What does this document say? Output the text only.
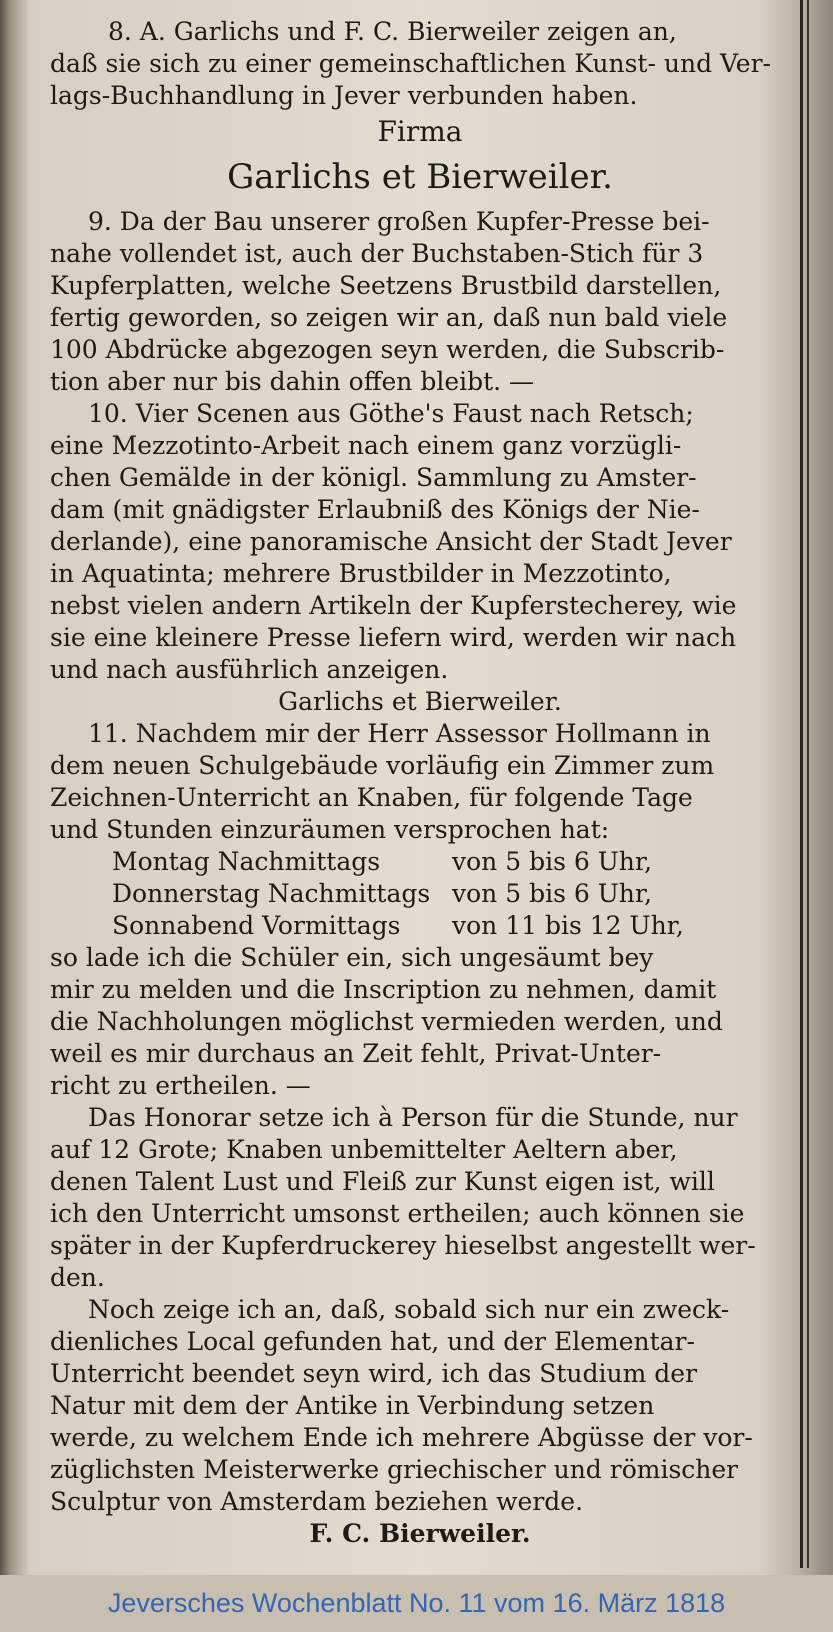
8. A. Garlichs und F. C. Bierweiler zeigen an,
daß sie sich zu einer gemeinschaftlichen Kunst- und Ver-
lags-Buchhandlung in Jever verbunden haben.
Firma
Garlichs et Bierweiler.
9. Da der Bau unserer großen Kupfer-Presse bei-
nahe vollendet ist, auch der Buchstaben-Stich für 3
Kupferplatten, welche Seetzens Brustbild darstellen,
fertig geworden, so zeigen wir an, daß nun bald viele
100 Abdrücke abgezogen seyn werden, die Subscrib-
tion aber nur bis dahin offen bleibt. —
10. Vier Scenen aus Göthe's Faust nach Retsch;
eine Mezzotinto-Arbeit nach einem ganz vorzügli-
chen Gemälde in der königl. Sammlung zu Amster-
dam (mit gnädigster Erlaubniß des Königs der Nie-
derlande), eine panoramische Ansicht der Stadt Jever
in Aquatinta; mehrere Brustbilder in Mezzotinto,
nebst vielen andern Artikeln der Kupferstecherey, wie
sie eine kleinere Presse liefern wird, werden wir nach
und nach ausführlich anzeigen.
Garlichs et Bierweiler.
11. Nachdem mir der Herr Assessor Hollmann in
dem neuen Schulgebäude vorläufig ein Zimmer zum
Zeichnen-Unterricht an Knaben, für folgende Tage
und Stunden einzuräumen versprochen hat:
Montag Nachmittags	von 5 bis 6 Uhr,
Donnerstag Nachmittags von 5 bis 6 Uhr,
Sonnabend Vormittags von 11 bis 12 Uhr,
so lade ich die Schüler ein, sich ungesäumt bey
mir zu melden und die Inscription zu nehmen, damit
die Nachholungen möglichst vermieden werden, und
weil es mir durchaus an Zeit fehlt, Privat-Unter-
richt zu ertheilen. —
Das Honorar setze ich à Person für die Stunde, nur
auf 12 Grote; Knaben unbemittelter Aeltern aber,
denen Talent Lust und Fleiß zur Kunst eigen ist, will
ich den Unterricht umsonst ertheilen; auch können sie
später in der Kupferdruckerey hieselbst angestellt wer-
den.
Noch zeige ich an, daß, sobald sich nur ein zweck-
dienliches Local gefunden hat, und der Elementar-
Unterricht beendet seyn wird, ich das Studium der
Natur mit dem der Antike in Verbindung setzen
werde, zu welchem Ende ich mehrere Abgüsse der vor-
züglichsten Meisterwerke griechischer und römischer
Sculptur von Amsterdam beziehen werde.
F. C. Bierweiler.
Jeversches Wochenblatt No. 11 vom 16. März 1818
